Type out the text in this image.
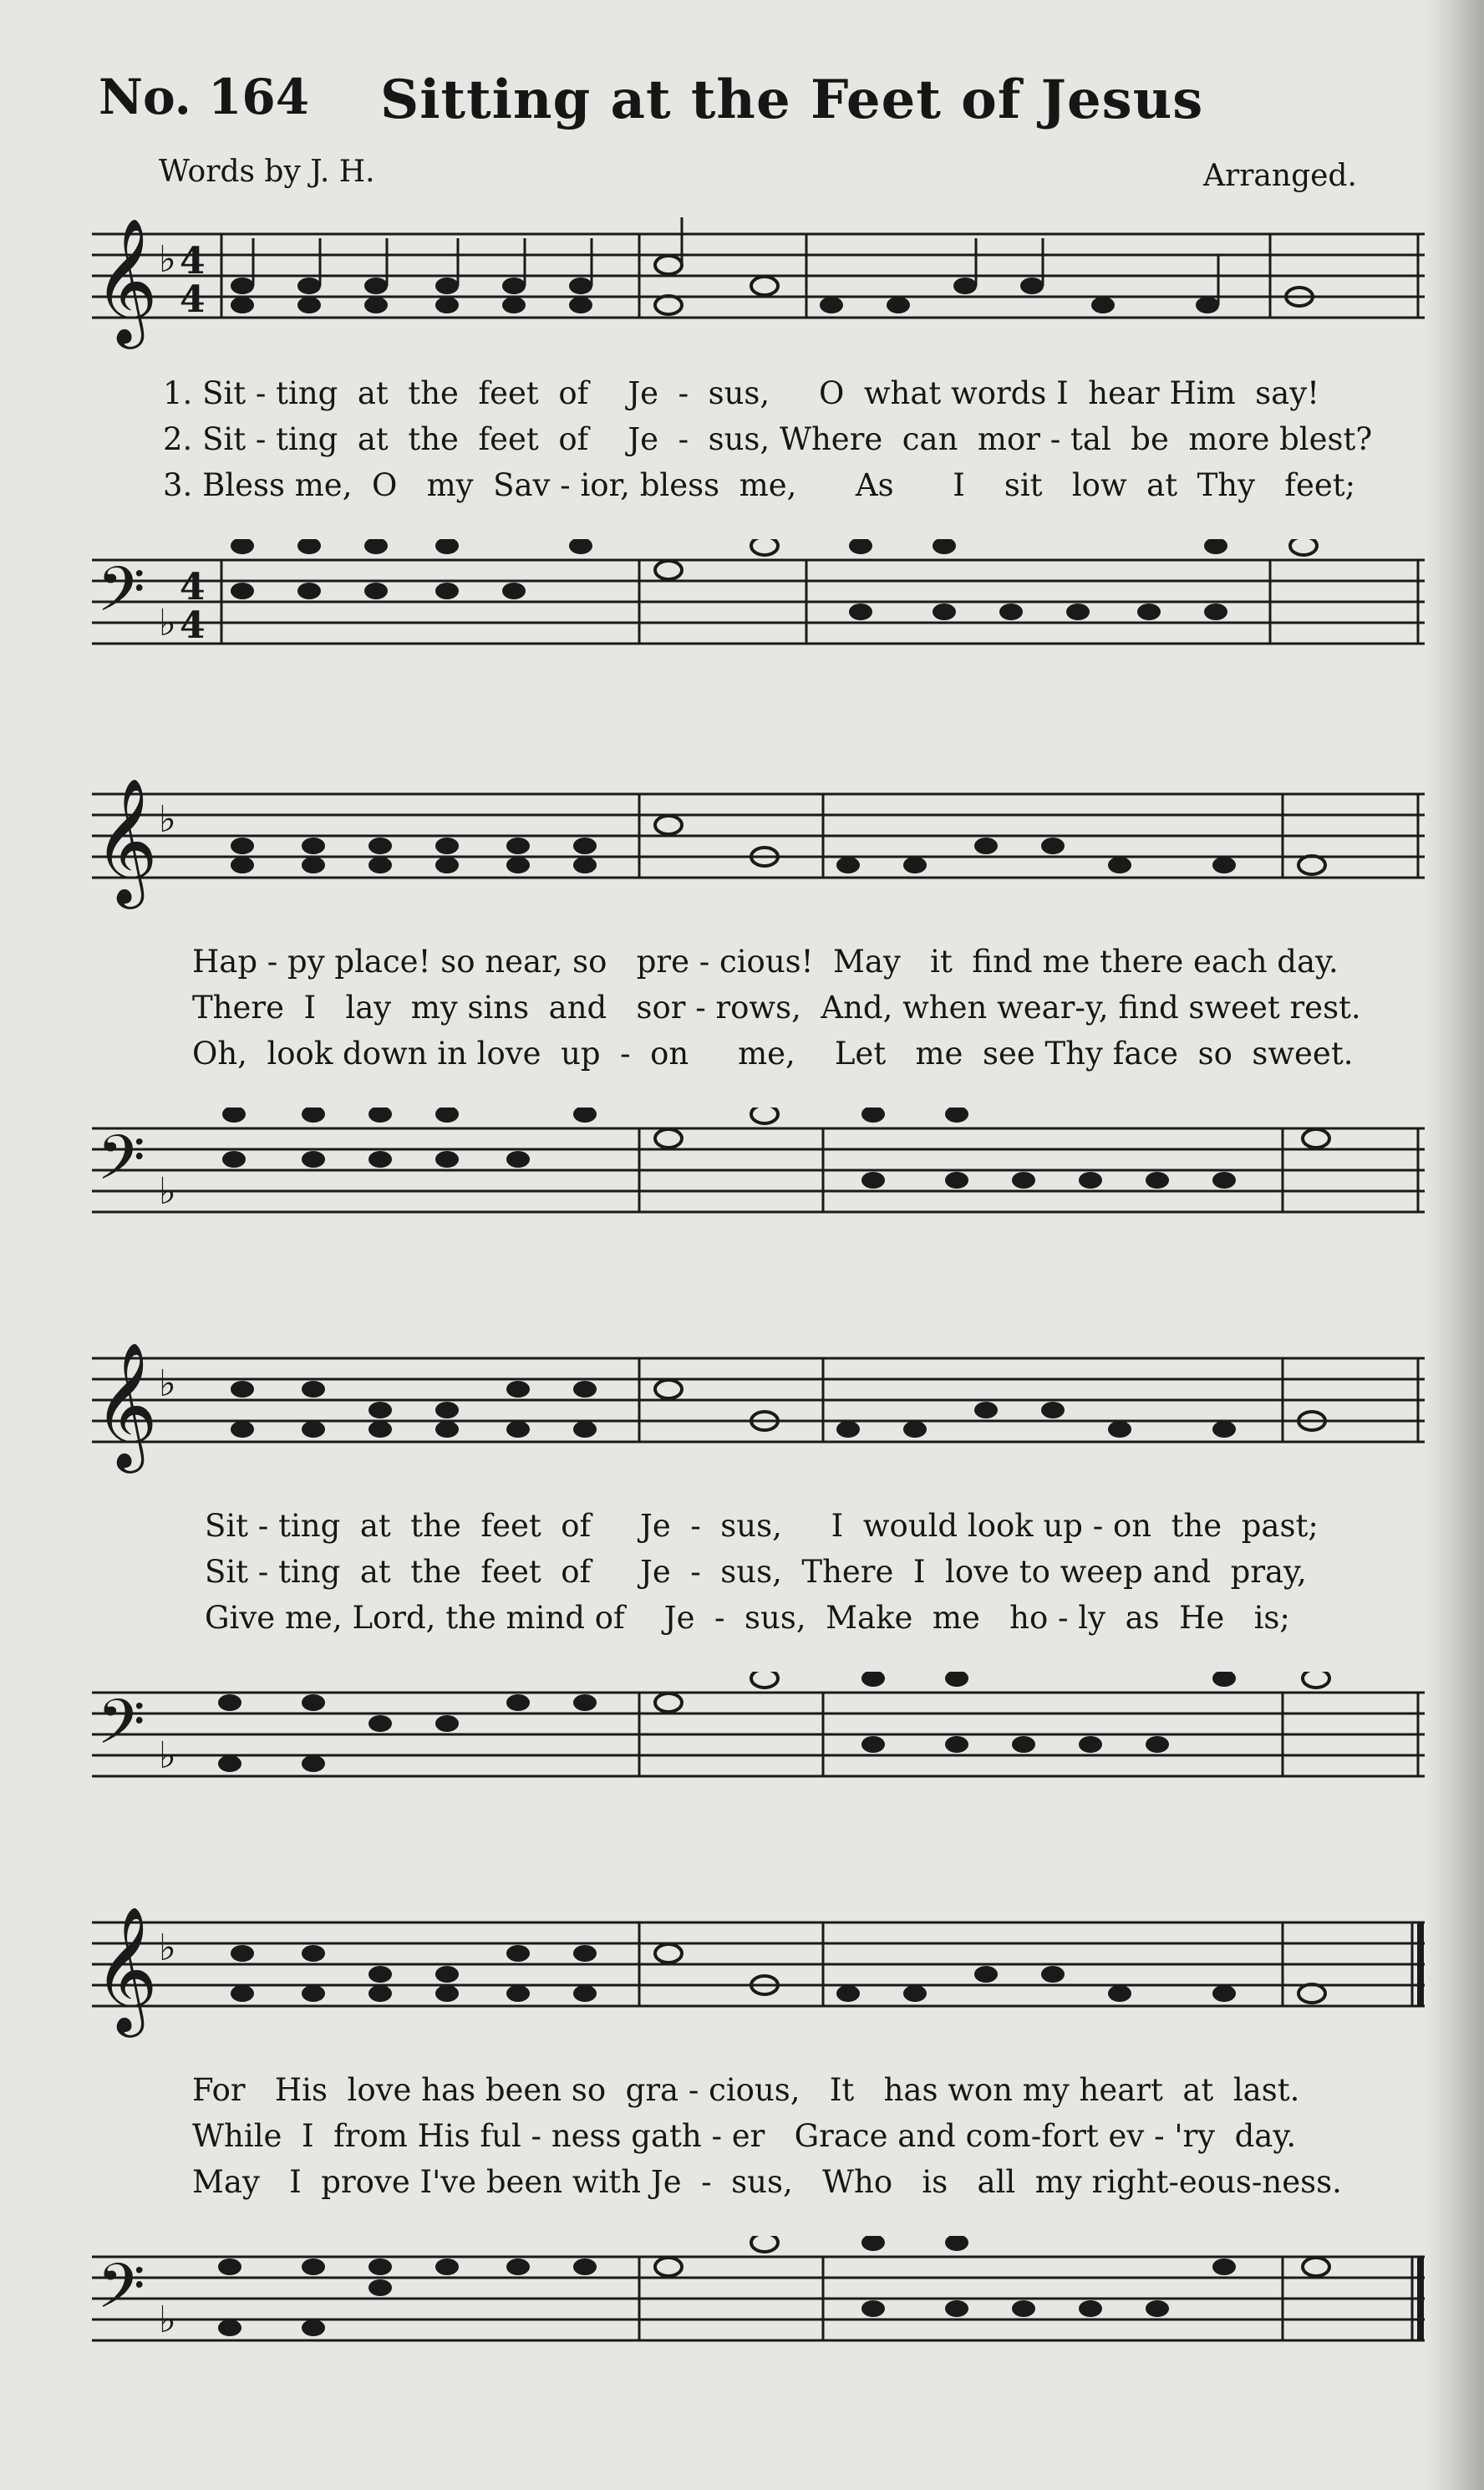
No. 164 Sitting at the Feet of Jesus
Words by J. H.	Arranged.
𝄞 ♭ 4
4
1. Sit - ting  at  the  feet  of    Je  -  sus,     O  what words I  hear Him  say!
2. Sit - ting  at  the  feet  of    Je  -  sus, Where  can  mor - tal  be  more blest?
3. Bless me,  O   my  Sav - ior, bless  me,      As      I    sit   low  at  Thy   feet;
𝄢 ♭
4
4
𝄞 ♭
Hap - py place! so near, so   pre - cious!  May   it  find me there each day.
There  I   lay  my sins  and   sor - rows,  And, when wear-y, find sweet rest.
Oh,  look down in love  up  -  on     me,    Let   me  see Thy face  so  sweet.
𝄢 ♭
𝄞 ♭
Sit - ting  at  the  feet  of     Je  -  sus,     I  would look up - on  the  past;
Sit - ting  at  the  feet  of     Je  -  sus,  There  I  love to weep and  pray,
Give me, Lord, the mind of    Je  -  sus,  Make  me   ho - ly  as  He   is;
𝄢 ♭
𝄞 ♭
For   His  love has been so  gra - cious,   It   has won my heart  at  last.
While  I  from His ful - ness gath - er   Grace and com-fort ev - 'ry  day.
May   I  prove I've been with Je  -  sus,   Who   is   all  my right-eous-ness.
𝄢 ♭
